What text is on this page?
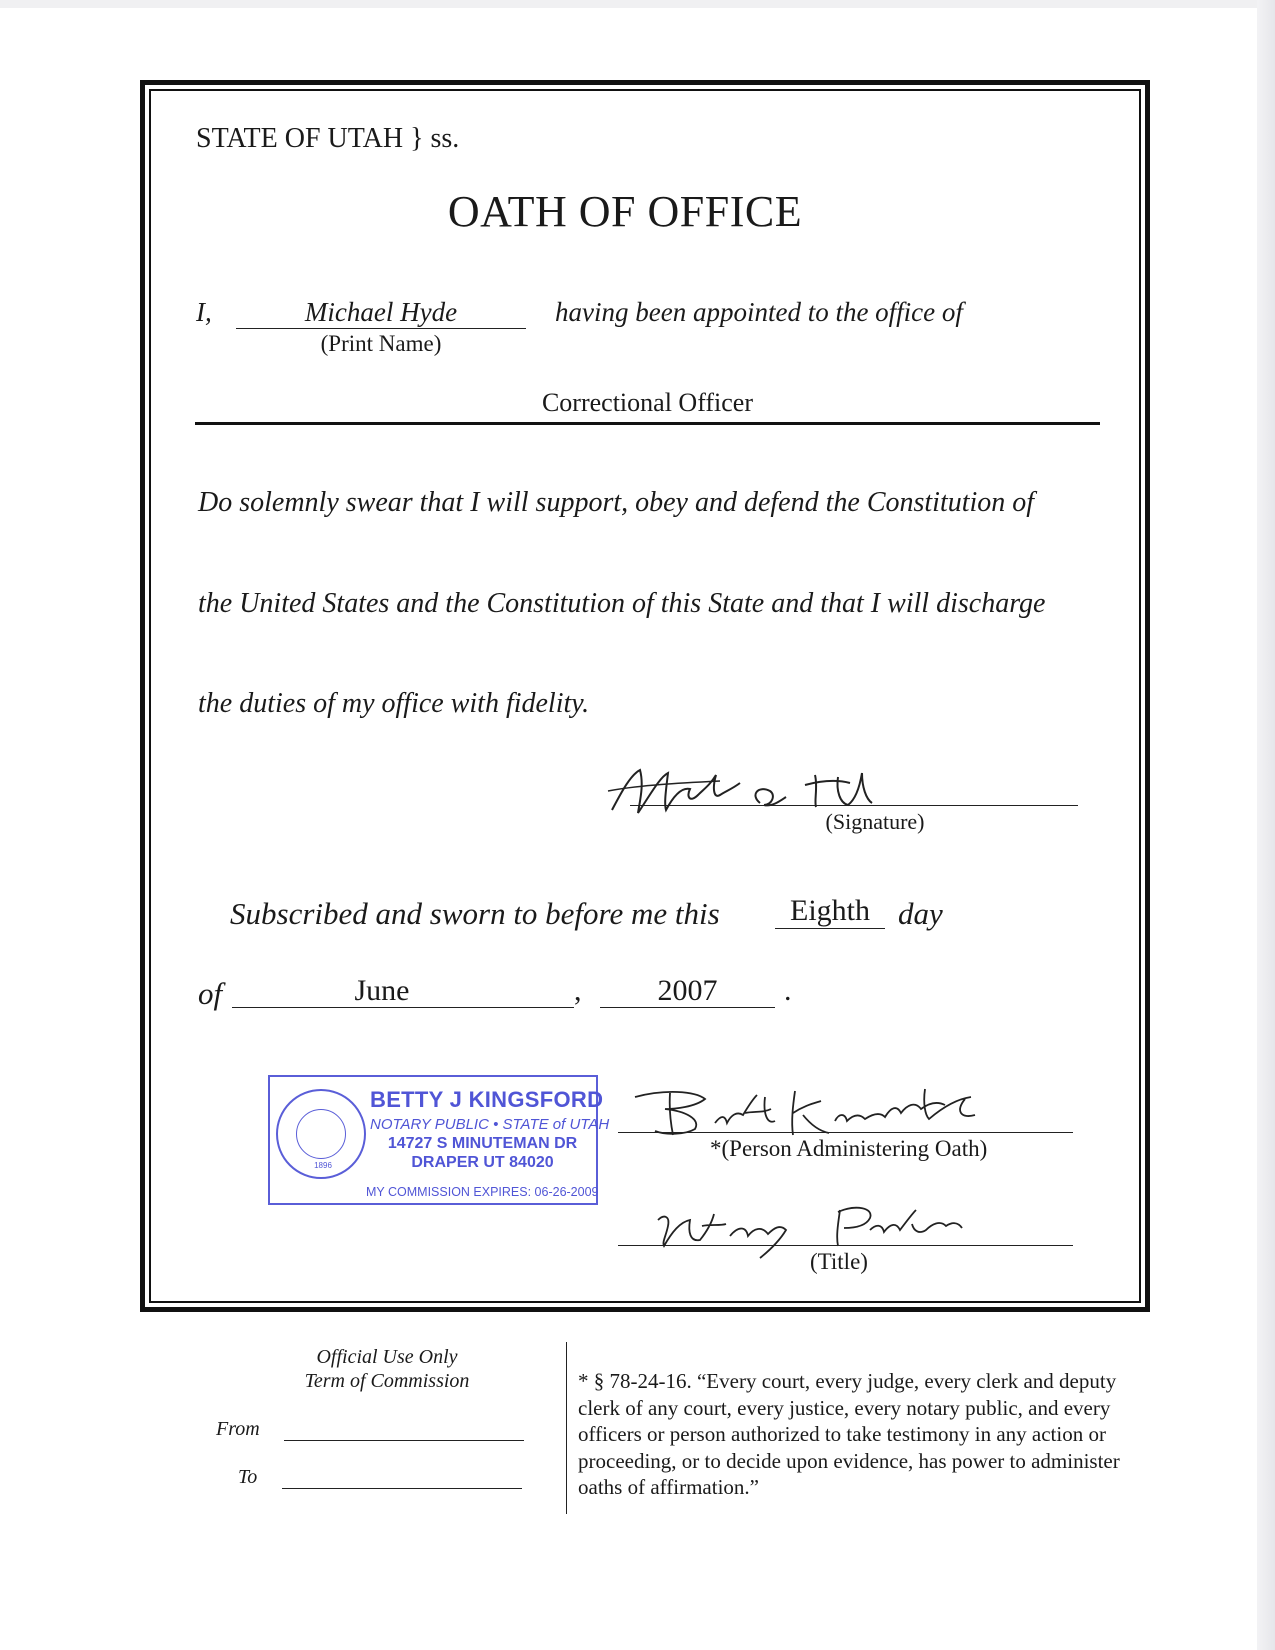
STATE OF UTAH } ss.
OATH OF OFFICE
I,	Michael Hyde
(Print Name)
having been appointed to the office of
Correctional Officer
Do solemnly swear that I will support, obey and defend the Constitution of
the United States and the Constitution of this State and that I will discharge
the duties of my office with fidelity.
(Signature)
Subscribed and sworn to before me this	Eighth day
of	June	,	2007	.
1896
BETTY J KINGSFORD
NOTARY PUBLIC • STATE of UTAH
14727 S MINUTEMAN DR
DRAPER UT 84020
MY COMMISSION EXPIRES: 06-26-2009
*(Person Administering Oath)
(Title)
Official Use Only
Term of Commission
From
To
* § 78-24-16. “Every court, every judge, every clerk and deputy clerk of any court, every justice, every notary public, and every officers or person authorized to take testimony in any action or proceeding, or to decide upon evidence, has power to administer oaths of affirmation.”
